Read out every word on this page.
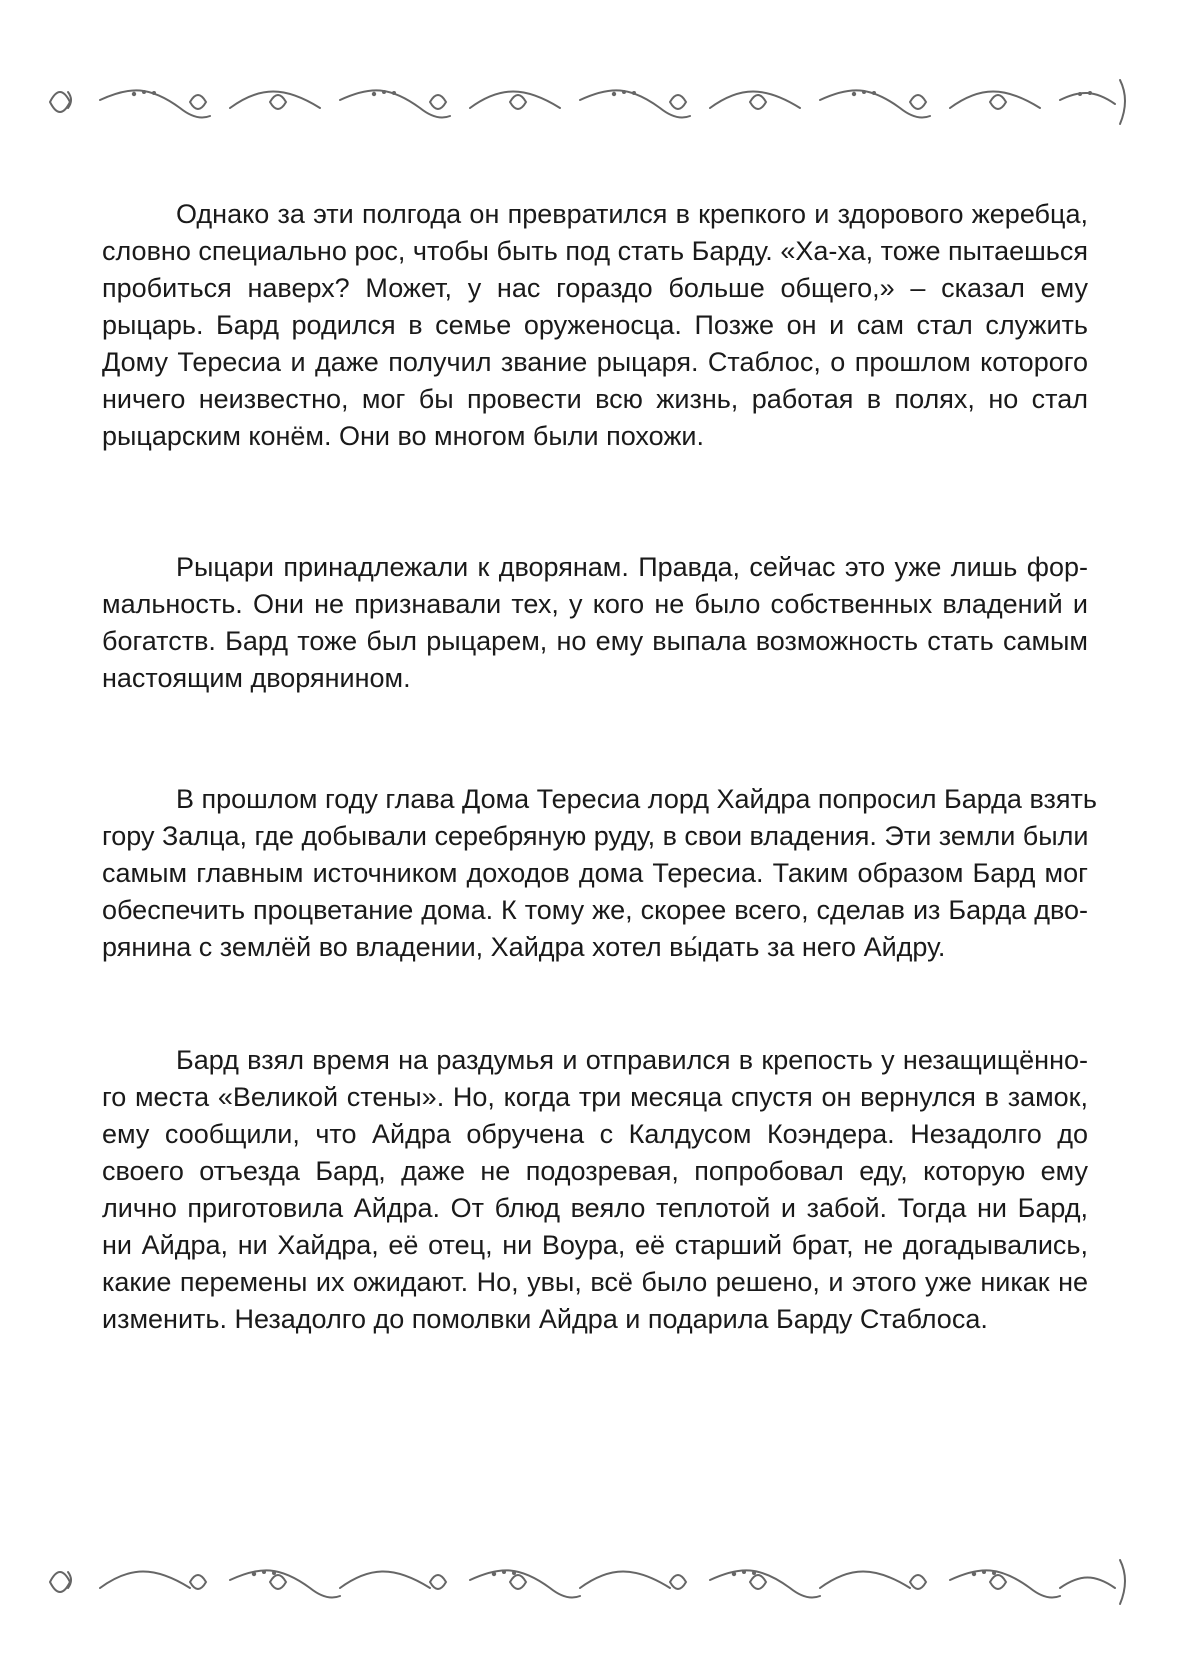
Однако за эти полгода он превратился в крепкого и здорового жеребца,
словно специально рос, чтобы быть под стать Барду. «Ха-ха, тоже пытаешься
пробиться наверх? Может, у нас гораздо больше общего,» – сказал ему
рыцарь. Бард родился в семье оруженосца. Позже он и сам стал служить
Дому Тересиа и даже получил звание рыцаря. Стаблос, о прошлом которого
ничего неизвестно, мог бы провести всю жизнь, работая в полях, но стал
рыцарским конём. Они во многом были похожи.

Рыцари принадлежали к дворянам. Правда, сейчас это уже лишь фор-
мальность. Они не признавали тех, у кого не было собственных владений и
богатств. Бард тоже был рыцарем, но ему выпала возможность стать самым
настоящим дворянином.

В прошлом году глава Дома Тересиа лорд Хайдра попросил Барда взять
гору Залца, где добывали серебряную руду, в свои владения. Эти земли были
самым главным источником доходов дома Тересиа. Таким образом Бард мог
обеспечить процветание дома. К тому же, скорее всего, сделав из Барда дво-
рянина с землёй во владении, Хайдра хотел вы́дать за него Айдру.

Бард взял время на раздумья и отправился в крепость у незащищённо-
го места «Великой стены». Но, когда три месяца спустя он вернулся в замок,
ему сообщили, что Айдра обручена с Калдусом Коэндера. Незадолго до
своего отъезда Бард, даже не подозревая, попробовал еду, которую ему
лично приготовила Айдра. От блюд веяло теплотой и забой. Тогда ни Бард,
ни Айдра, ни Хайдра, её отец, ни Воура, её старший брат, не догадывались,
какие перемены их ожидают. Но, увы, всё было решено, и этого уже никак не
изменить. Незадолго до помолвки Айдра и подарила Барду Стаблоса.
